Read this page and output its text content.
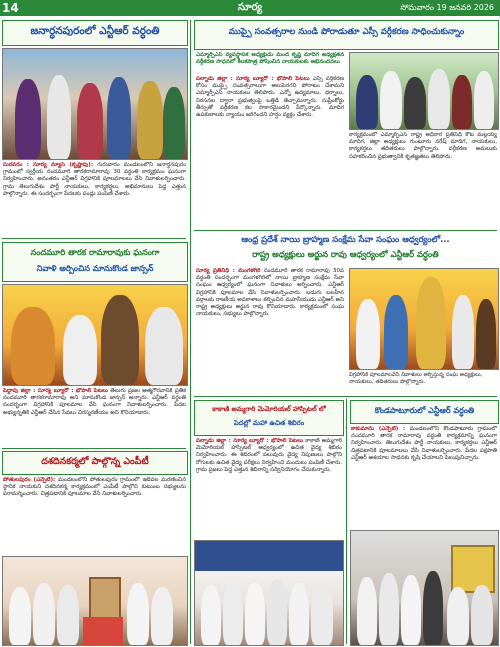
14	సూర్య	సోమవారం 19 జనవరి 2026
జనార్ధనపురంలో ఎన్టీఆర్ వర్ధంతి
సురవరం : సూర్య న్యూస్ (కృష్ణాపు): గురువారం మండలంలోని జనార్ధనపురం గ్రామంలో స్వర్గీయ నందమూరి తారకరామారావు 30 వర్ధంతి కార్యక్రమం ఘనంగా నిర్వహించారు. అనంతరం ఎన్టీఆర్ విగ్రహానికి పూలమాలలు వేసి నివాళులర్పించారు. గ్రామ తెలుగుదేశం పార్టీ నాయకులు, కార్యకర్తలు, అభిమానులు పెద్ద ఎత్తున పాల్గొన్నారు. ఈ సందర్భంగా పేదలకు పండ్లు పంపిణీ చేశారు.
నందమూరి తారక రామారావుకు ఘనంగా
నివాళి అర్పించిన మానుకొండ జాన్సన్
పెద్దాపు జిల్లా : సూర్య బ్యూరో : భోపాలి పేటలు తెలుగు ప్రజల ఆత్మగౌరవానికి ప్రతీక నందమూరి తారకరామారావు అని మానుకొండ జాన్సన్ అన్నారు. ఎన్టీఆర్ వర్ధంతి సందర్భంగా విగ్రహానికి పూలమాల వేసి ఘనంగా నివాళులర్పించారు. పేదల అభ్యున్నతికి ఎన్టీఆర్ చేసిన సేవలు చిరస్మరణీయం అని కొనియాడారు.
దశదినకర్మలో పాల్గొన్న ఎంపీటీ
పోతులపురం (ఎన్పేటి): మండలంలోని పోతులపురం గ్రామంలో ఇటీవల మరణించిన స్థానిక నాయకుని దశదినకర్మ కార్యక్రమంలో ఎంపీటీ పాల్గొని కుటుంబ సభ్యులను పరామర్శించారు. చిత్రపటానికి పూలమాల వేసి నివాళులర్పించారు.
ముప్పై సంవత్సరాల నుండి పోరాడుతూ ఎస్సీ వర్గీకరణ సాధించుకున్నాం
ఎమ్మార్పీఎస్ వ్యవస్థాపక అధ్యక్షుడు మంద కృష్ణ మాదిగ అధ్యక్షతన వర్గీకరణ సాధనలో కీలకపాత్ర పోషించిన నాయకులకు అభినందనలు
పల్నాడు జిల్లా : సూర్య బ్యూరో : భోపాలి పేటలు ఎస్సీ వర్గీకరణ కోసం ముప్పై సంవత్సరాలుగా అలుపెరగని పోరాటం చేశామని ఎమ్మార్పీఎస్ నాయకులు తెలిపారు. ఎన్నో ఉద్యమాలు, ధర్నాలు, నిరసనల ద్వారా ప్రభుత్వంపై ఒత్తిడి తెచ్చామన్నారు. సుప్రీంకోర్టు తీర్పుతో వర్గీకరణ కల సాకారమైందని పేర్కొన్నారు. మాదిగ ఉపకులాలకు న్యాయం జరిగిందని హర్షం వ్యక్తం చేశారు.
కార్యక్రమంలో ఎమ్మార్పీఎస్ రాష్ట్ర అధికార ప్రతినిధి కోట మల్లయ్య మాదిగ, జిల్లా అధ్యక్షులు గుంటూరు నరేష్ మాదిగ, నాయకులు, కార్యకర్తలు తదితరులు పాల్గొన్నారు. వర్గీకరణ అమలుకు సహకరించిన ప్రభుత్వానికి కృతజ్ఞతలు తెలిపారు.
ఆంధ్ర ప్రదేశ్ నాయి బ్రాహ్మణ సంక్షేమ సేవా సంఘం ఆధ్వర్యంలో...
రాష్ట్ర అధ్యక్షులు అర్జున రావు ఆధ్వర్యంలో ఎన్టీఆర్ వర్ధంతి
సూర్య ప్రతినిధి : మంగళగిరి నందమూరి తారక రామారావు 30వ వర్ధంతి సందర్భంగా మంగళగిరిలో నాయి బ్రాహ్మణ సంక్షేమ సేవా సంఘం ఆధ్వర్యంలో ఘనంగా నివాళులు అర్పించారు. ఎన్టీఆర్ విగ్రహానికి పూలమాల వేసి నివాళులర్పించారు. బడుగు బలహీన వర్గాలకు రాజకీయ అవకాశాలు కల్పించిన మహనీయుడు ఎన్టీఆర్ అని రాష్ట్ర అధ్యక్షులు అర్జున రావు కొనియాడారు. కార్యక్రమంలో సంఘ నాయకులు, సభ్యులు పాల్గొన్నారు.
విగ్రహానికి పూలమాలవేసి నివాళులు అర్పిస్తున్న సంఘ అధ్యక్షులు, నాయకులు, తదితరులు పాల్గొన్నారు.
కాకాణి అమ్మగారి మెమోరియల్ హాస్పిటల్ లో
పెదల్లో మహా ఉచిత శిబిరం
పల్నాడు జిల్లా : సూర్య బ్యూరో : భోపాలి పేటలు కాకాణి అమ్మగారి మెమోరియల్ హాస్పిటల్ ఆధ్వర్యంలో ఉచిత వైద్య శిబిరం నిర్వహించారు. ఈ శిబిరంలో పలువురు వైద్య నిపుణులు పాల్గొని రోగులకు ఉచిత వైద్య పరీక్షలు నిర్వహించి మందులు పంపిణీ చేశారు. గ్రామ ప్రజలు పెద్ద ఎత్తున శిబిరాన్ని సద్వినియోగం చేసుకున్నారు.
కొండపాటూరులో ఎన్టీఆర్ వర్ధంతి
కాకుమాను (ఎన్పేటి) : మండలంలోని కొండపాటూరు గ్రామంలో నందమూరి తారక రామారావు వర్ధంతి కార్యక్రమాన్ని ఘనంగా నిర్వహించారు. తెలుగుదేశం పార్టీ నాయకులు, కార్యకర్తలు ఎన్టీఆర్ చిత్రపటానికి పూలమాలలు వేసి నివాళులర్పించారు. పేదల పక్షపాతి ఎన్టీఆర్ ఆశయాల సాధనకు కృషి చేయాలని పిలుపునిచ్చారు.
